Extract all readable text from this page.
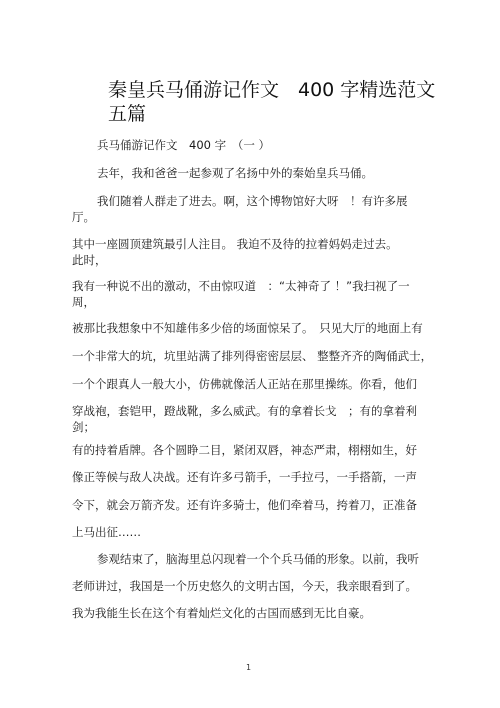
秦皇兵马俑游记作文　400 字精选范文五篇

兵马俑游记作文　400 字　（一 ）

去年，我和爸爸一起参观了名扬中外的秦始皇兵马俑。

我们随着人群走了进去。啊，这个博物馆好大呀　！有许多展厅。

其中一座圆顶建筑最引人注目。 我迫不及待的拉着妈妈走过去。 此时，

我有一种说不出的激动，不由惊叹道　：“太神奇了 ！”我扫视了一周，

被那比我想象中不知雄伟多少倍的场面惊呆了。　只见大厅的地面上有

一个非常大的坑，坑里站满了排列得密密层层、 整整齐齐的陶俑武士，

一个个跟真人一般大小，仿佛就像活人正站在那里操练。你看，他们

穿战袍，套铠甲，蹬战靴，多么威武。有的拿着长戈　；有的拿着利剑；

有的持着盾牌。各个圆睁二目，紧闭双唇，神态严肃，栩栩如生，好

像正等候与敌人决战。还有许多弓箭手，一手拉弓，一手搭箭，一声

令下，就会万箭齐发。还有许多骑士，他们牵着马，挎着刀，正准备

上马出征……

参观结束了，脑海里总闪现着一个个兵马俑的形象。以前，我听

老师讲过，我国是一个历史悠久的文明古国，今天，我亲眼看到了。

我为我能生长在这个有着灿烂文化的古国而感到无比自豪。

1
